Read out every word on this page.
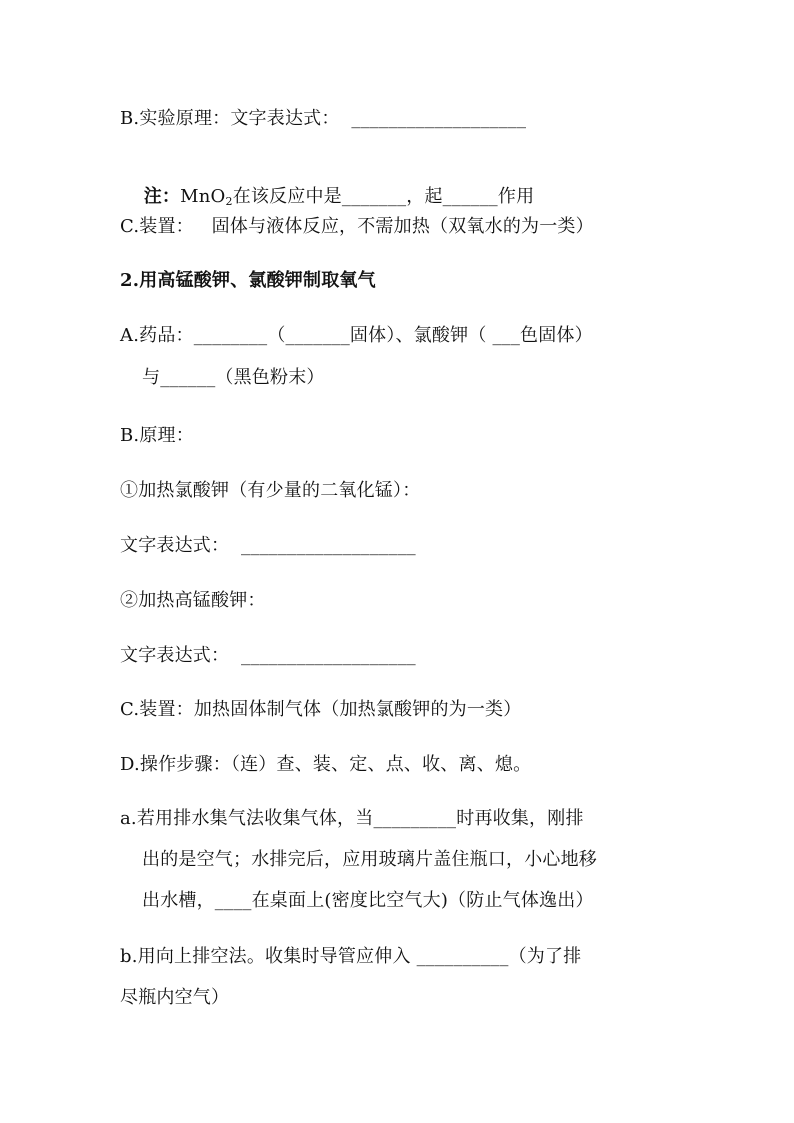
B.实验原理：文字表达式：  ___________________

注：MnO$_2$在该反应中是_______，起______作用

C.装置：   固体与液体反应，不需加热（双氧水的为一类）
2.用高锰酸钾、氯酸钾制取氧气
A.药品：________（_______固体）、氯酸钾（ ___色固体）
与______（黑色粉末）
B.原理：
①加热氯酸钾（有少量的二氧化锰）：
文字表达式：  ___________________
②加热高锰酸钾：
文字表达式：  ___________________
C.装置：加热固体制气体（加热氯酸钾的为一类）
D.操作步骤：（连）查、装、定、点、收、离、熄。
a.若用排水集气法收集气体，当_________时再收集，刚排
出的是空气；水排完后，应用玻璃片盖住瓶口，小心地移
出水槽，____在桌面上(密度比空气大)（防止气体逸出）
b.用向上排空法。收集时导管应伸入 __________（为了排
尽瓶内空气）
